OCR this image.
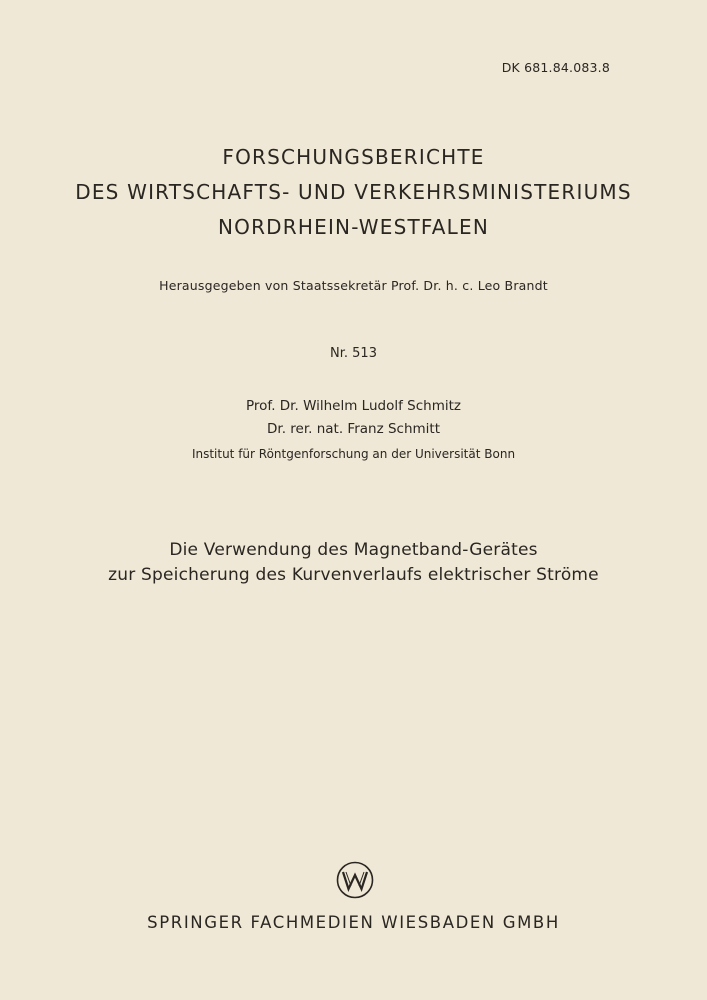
DK 681.84.083.8
FORSCHUNGSBERICHTE
DES WIRTSCHAFTS- UND VERKEHRSMINISTERIUMS
NORDRHEIN-WESTFALEN
Herausgegeben von Staatssekretär Prof. Dr. h. c. Leo Brandt
Nr. 513
Prof. Dr. Wilhelm Ludolf Schmitz
Dr. rer. nat. Franz Schmitt
Institut für Röntgenforschung an der Universität Bonn
Die Verwendung des Magnetband-Gerätes
zur Speicherung des Kurvenverlaufs elektrischer Ströme
SPRINGER FACHMEDIEN WIESBADEN GMBH
